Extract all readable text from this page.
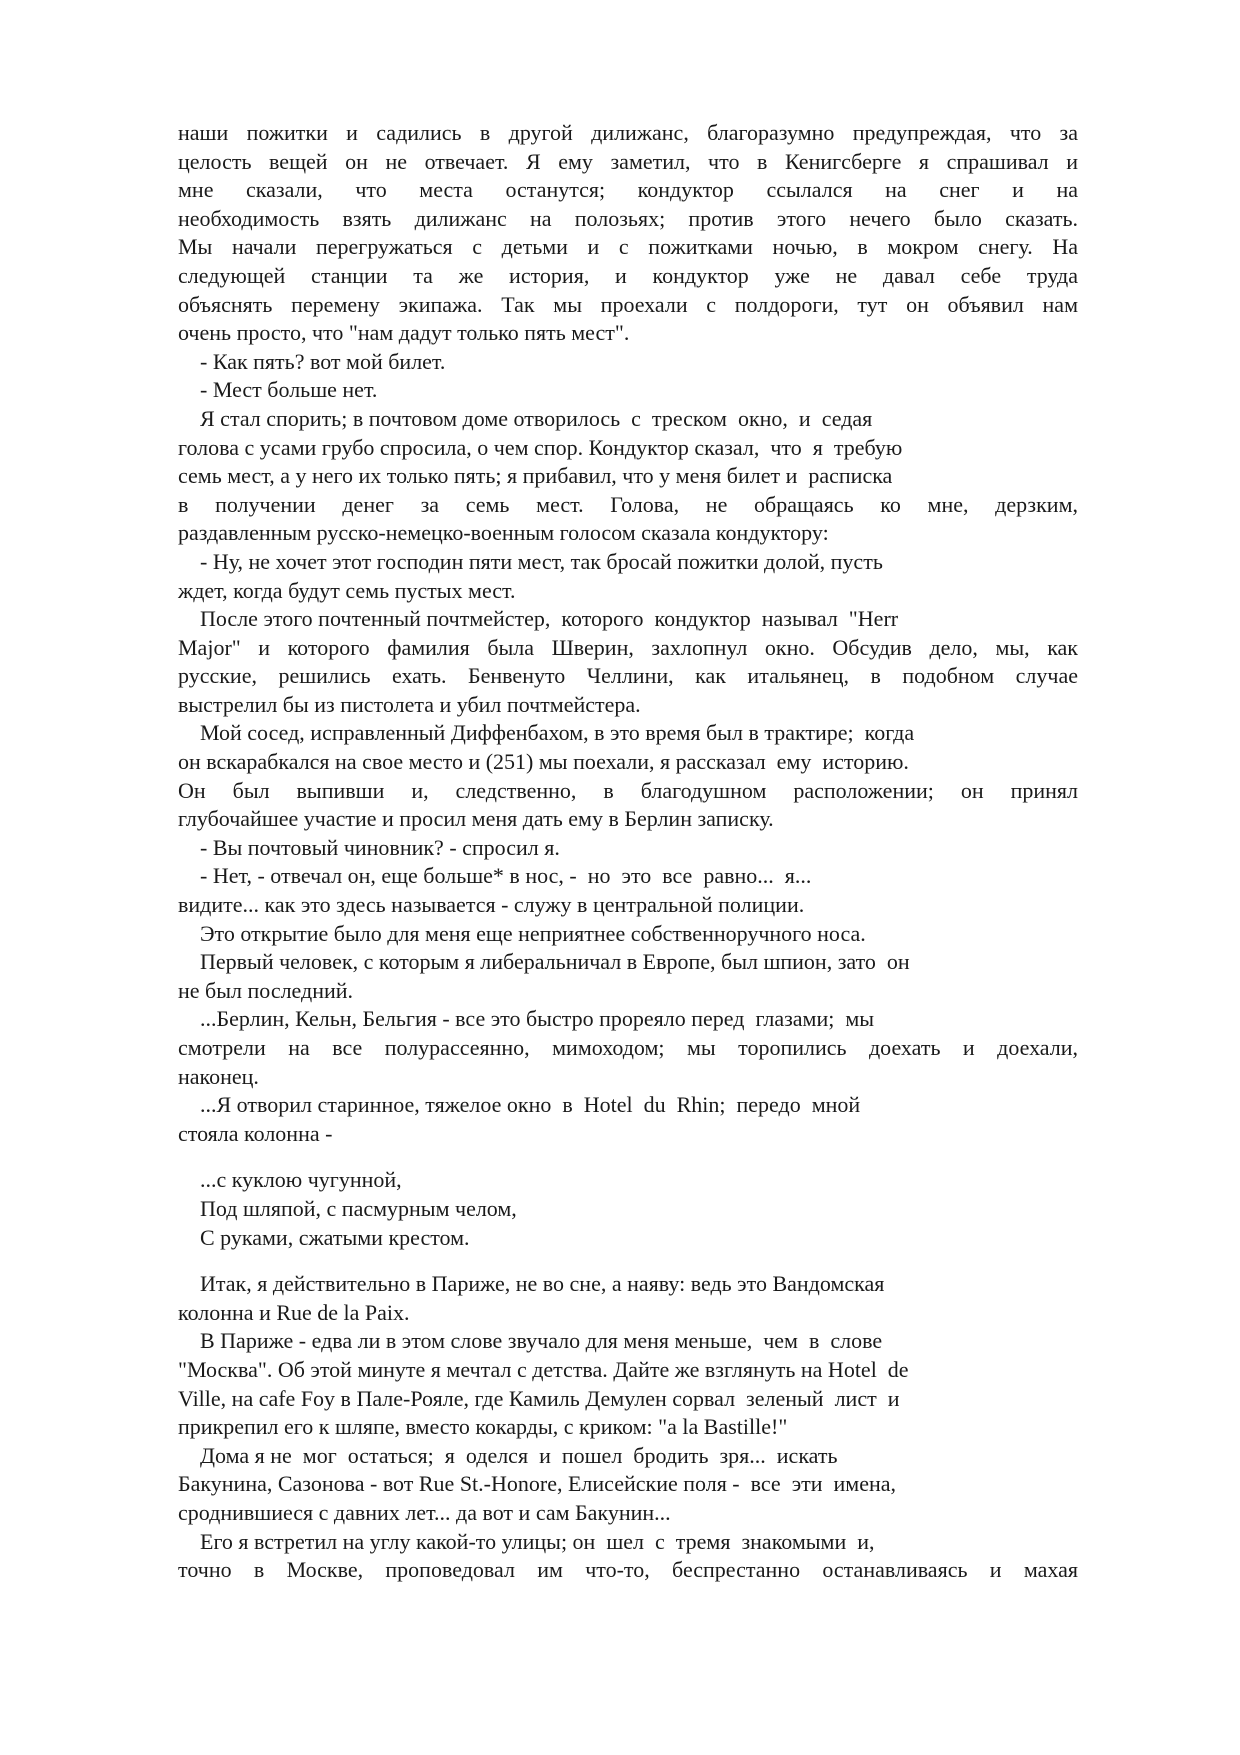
наши пожитки и садились в другой дилижанс, благоразумно предупреждая, что за
целость вещей он не отвечает. Я ему заметил, что в Кенигсберге я спрашивал и
мне сказали, что места останутся; кондуктор ссылался на снег и на
необходимость взять дилижанс на полозьях; против этого нечего было сказать.
Мы начали перегружаться с детьми и с пожитками ночью, в мокром снегу. На
следующей станции та же история, и кондуктор уже не давал себе труда
объяснять перемену экипажа. Так мы проехали с полдороги, тут он объявил нам
очень просто, что "нам дадут только пять мест".
- Как пять? вот мой билет.
- Мест больше нет.
Я стал спорить; в почтовом доме отворилось  с  треском  окно,  и  седая
голова с усами грубо спросила, о чем спор. Кондуктор сказал,  что  я  требую
семь мест, а у него их только пять; я прибавил, что у меня билет и  расписка
в получении денег за семь мест. Голова, не обращаясь ко мне, дерзким,
раздавленным русско-немецко-военным голосом сказала кондуктору:
- Ну, не хочет этот господин пяти мест, так бросай пожитки долой, пусть
ждет, когда будут семь пустых мест.
После этого почтенный почтмейстер,  которого  кондуктор  называл  "Herr
Major" и которого фамилия была Шверин, захлопнул окно. Обсудив дело, мы, как
русские, решились ехать. Бенвенуто Челлини, как итальянец, в подобном случае
выстрелил бы из пистолета и убил почтмейстера.
Мой сосед, исправленный Диффенбахом, в это время был в трактире;  когда
он вскарабкался на свое место и (251) мы поехали, я рассказал  ему  историю.
Он был выпивши и, следственно, в благодушном расположении; он принял
глубочайшее участие и просил меня дать ему в Берлин записку.
- Вы почтовый чиновник? - спросил я.
- Нет, - отвечал он, еще больше* в нос, -  но  это  все  равно...  я...
видите... как это здесь называется - служу в центральной полиции.
Это открытие было для меня еще неприятнее собственноручного носа.
Первый человек, с которым я либеральничал в Европе, был шпион, зато  он
не был последний.
...Берлин, Кельн, Бельгия - все это быстро прореяло перед  глазами;  мы
смотрели на все полурассеянно, мимоходом; мы торопились доехать и доехали,
наконец.
...Я отворил старинное, тяжелое окно  в  Hotel  du  Rhin;  передо  мной
стояла колонна -
...с куклою чугунной,
Под шляпой, с пасмурным челом,
С руками, сжатыми крестом.
Итак, я действительно в Париже, не во сне, а наяву: ведь это Вандомская
колонна и Rue de la Paix.
В Париже - едва ли в этом слове звучало для меня меньше,  чем  в  слове
"Москва". Об этой минуте я мечтал с детства. Дайте же взглянуть на Hotel  de
Ville, на cafe Foy в Пале-Рояле, где Камиль Демулен сорвал  зеленый  лист  и
прикрепил его к шляпе, вместо кокарды, с криком: "a la Bastille!"
Дома я не  мог  остаться;  я  оделся  и  пошел  бродить  зря...  искать
Бакунина, Сазонова - вот Rue St.-Honore, Елисейские поля -  все  эти  имена,
сроднившиеся с давних лет... да вот и сам Бакунин...
Его я встретил на углу какой-то улицы; он  шел  с  тремя  знакомыми  и,
точно в Москве, проповедовал им что-то, беспрестанно останавливаясь и махая
